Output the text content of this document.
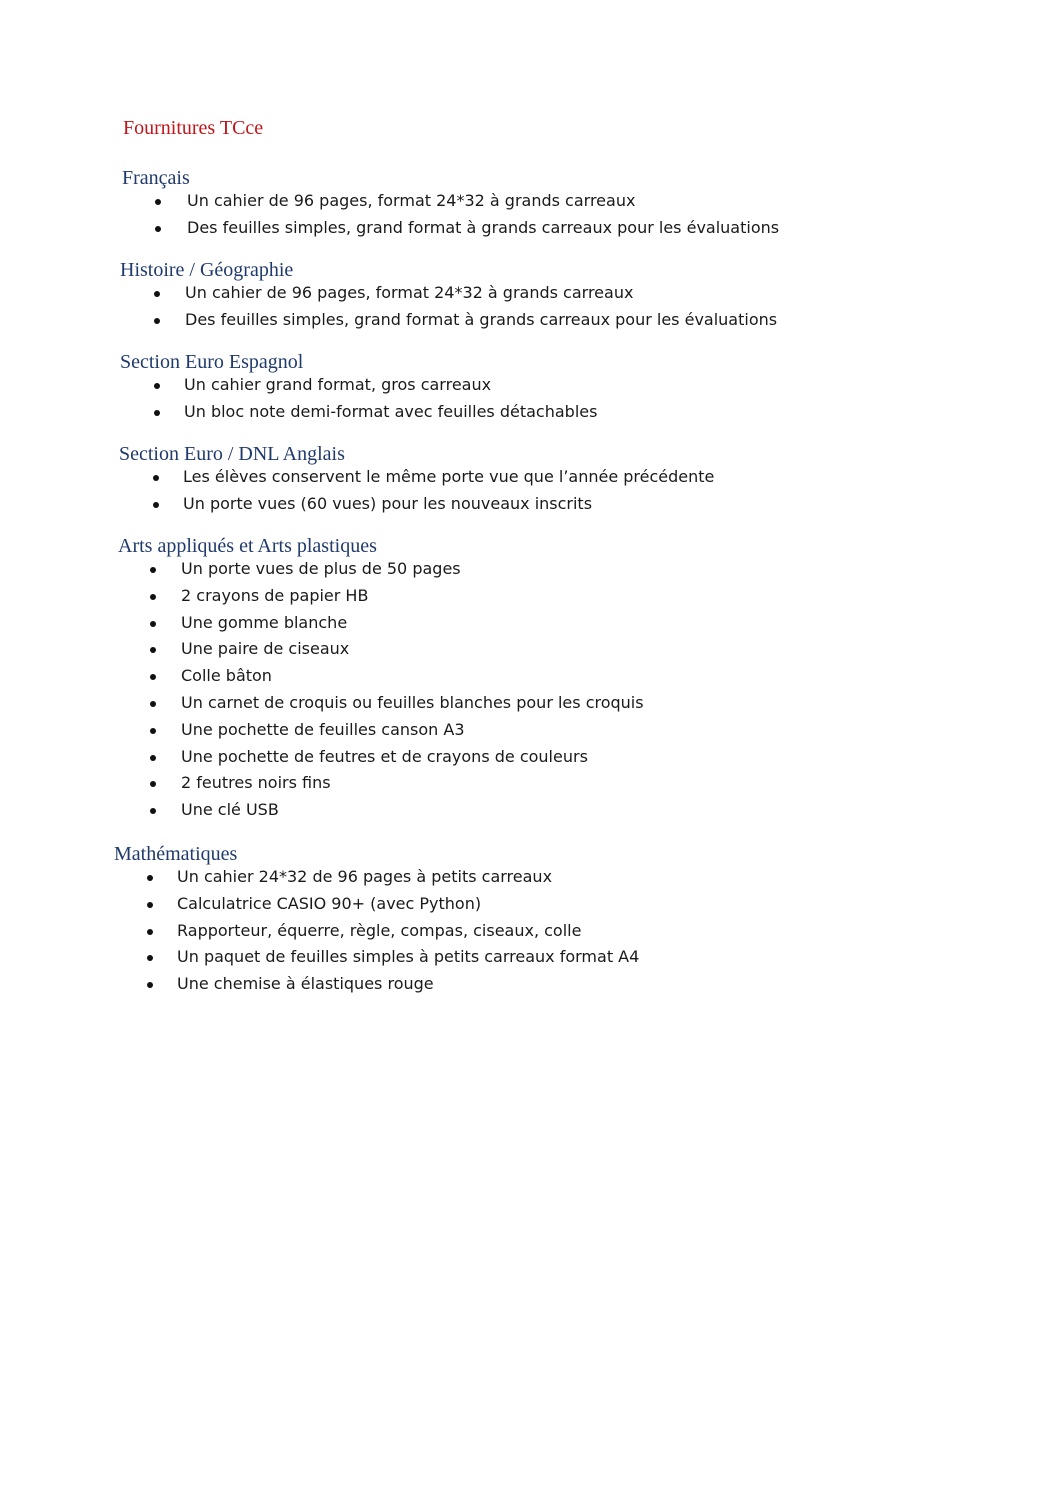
Fournitures TCce
Français
Un cahier de 96 pages, format 24*32 à grands carreaux
Des feuilles simples, grand format à grands carreaux pour les évaluations
Histoire / Géographie
Un cahier de 96 pages, format 24*32 à grands carreaux
Des feuilles simples, grand format à grands carreaux pour les évaluations
Section Euro Espagnol
Un cahier grand format, gros carreaux
Un bloc note demi-format avec feuilles détachables
Section Euro / DNL Anglais
Les élèves conservent le même porte vue que l’année précédente
Un porte vues (60 vues) pour les nouveaux inscrits
Arts appliqués et Arts plastiques
Un porte vues de plus de 50 pages
2 crayons de papier HB
Une gomme blanche
Une paire de ciseaux
Colle bâton
Un carnet de croquis ou feuilles blanches pour les croquis
Une pochette de feuilles canson A3
Une pochette de feutres et de crayons de couleurs
2 feutres noirs fins
Une clé USB
Mathématiques
Un cahier 24*32 de 96 pages à petits carreaux
Calculatrice CASIO 90+ (avec Python)
Rapporteur, équerre, règle, compas, ciseaux, colle
Un paquet de feuilles simples à petits carreaux format A4
Une chemise à élastiques rouge
